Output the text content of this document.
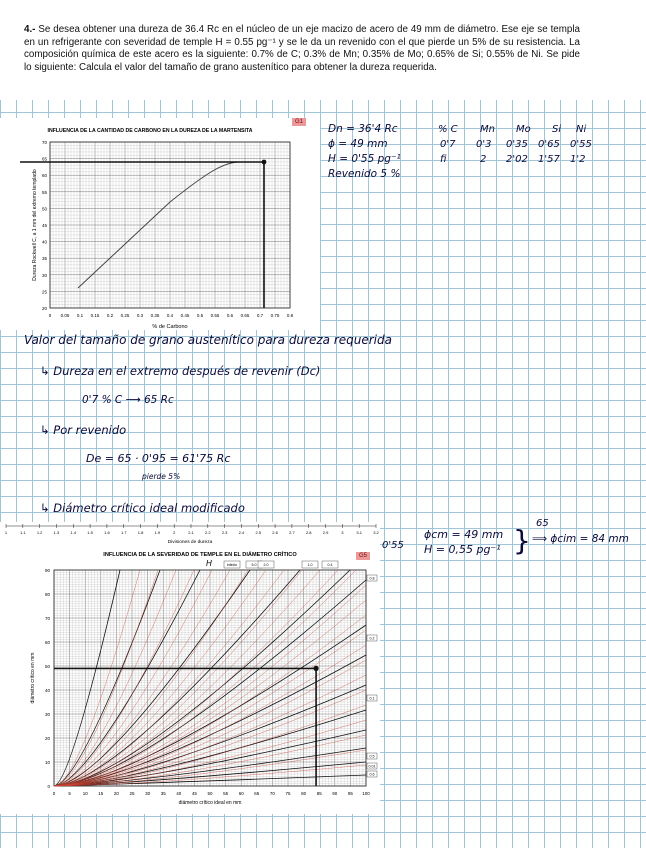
4.- Se desea obtener una dureza de 36.4 Rc en el núcleo de un eje macizo de acero de 49 mm de diámetro. Ese eje se templa en un refrigerante con severidad de temple H = 0.55 pg⁻¹ y se le da un revenido con el que pierde un 5% de su resistencia. La composición química de este acero es la siguiente: 0.7% de C; 0.3% de Mn; 0.35% de Mo; 0.65% de Si; 0.55% de Ni. Se pide lo siguiente: Calcula el valor del tamaño de grano austenítico para obtener la dureza requerida.

INFLUENCIA DE LA CANTIDAD DE CARBONO EN LA DUREZA DE LA MARTENSITA
0 0.05 0.1 0.15 0.2 0.25 0.3 0.35 0.4 0.45 0.5 0.55 0.6 0.65 0.7 0.75 0.8
70
65
60
55
50
45
40
35
30
25
20
% de Carbono
Dureza Rockwell C, a 1 mm del extremo templado
G1
Dn = 36'4 Rc
ϕ = 49 mm
H = 0'55 pg⁻¹
Revenido 5 %
% C Mn Mo Si Ni
0'7 0'3 0'35 0'65 0'55
fi	2 2'02 1'57 1'2
Valor del tamaño de grano austenítico para dureza requerida
↳ Dureza en el extremo después de revenir (Dc)
0'7 % C ⟶ 65 Rc
↳ Por revenido
De = 65 · 0'95 = 61'75 Rc
pierde 5%
↳ Diámetro crítico ideal modificado
1	1.1	1.2	1.3	1.4	1.5	1.6	1.7	1.8	1.9	2	2.1	2.2	2.3	2.4	2.5	2.6	2.7	2.8	2.9	3	3.1	3.2
Divisiones de dureza
INFLUENCIA DE LA SEVERIDAD DE TEMPLE EN EL DIÁMETRO CRÍTICO
0	5	10 15 20 25 30 35 40 45 50 55 60 65 70 75 80 85 90 95 100
90
80
70
60
50
40
30
20
10
0
diámetro crítico ideal en mm
diámetro crítico en mm
0.8
0.2
0.1
0.5
0.01
0.6
infinito	5.0 2.0	1.0	0.4
H
G5
0'55
ϕcm = 49 mm
H = 0,55 pg⁻¹ }
65
⟹ ϕcim = 84 mm
